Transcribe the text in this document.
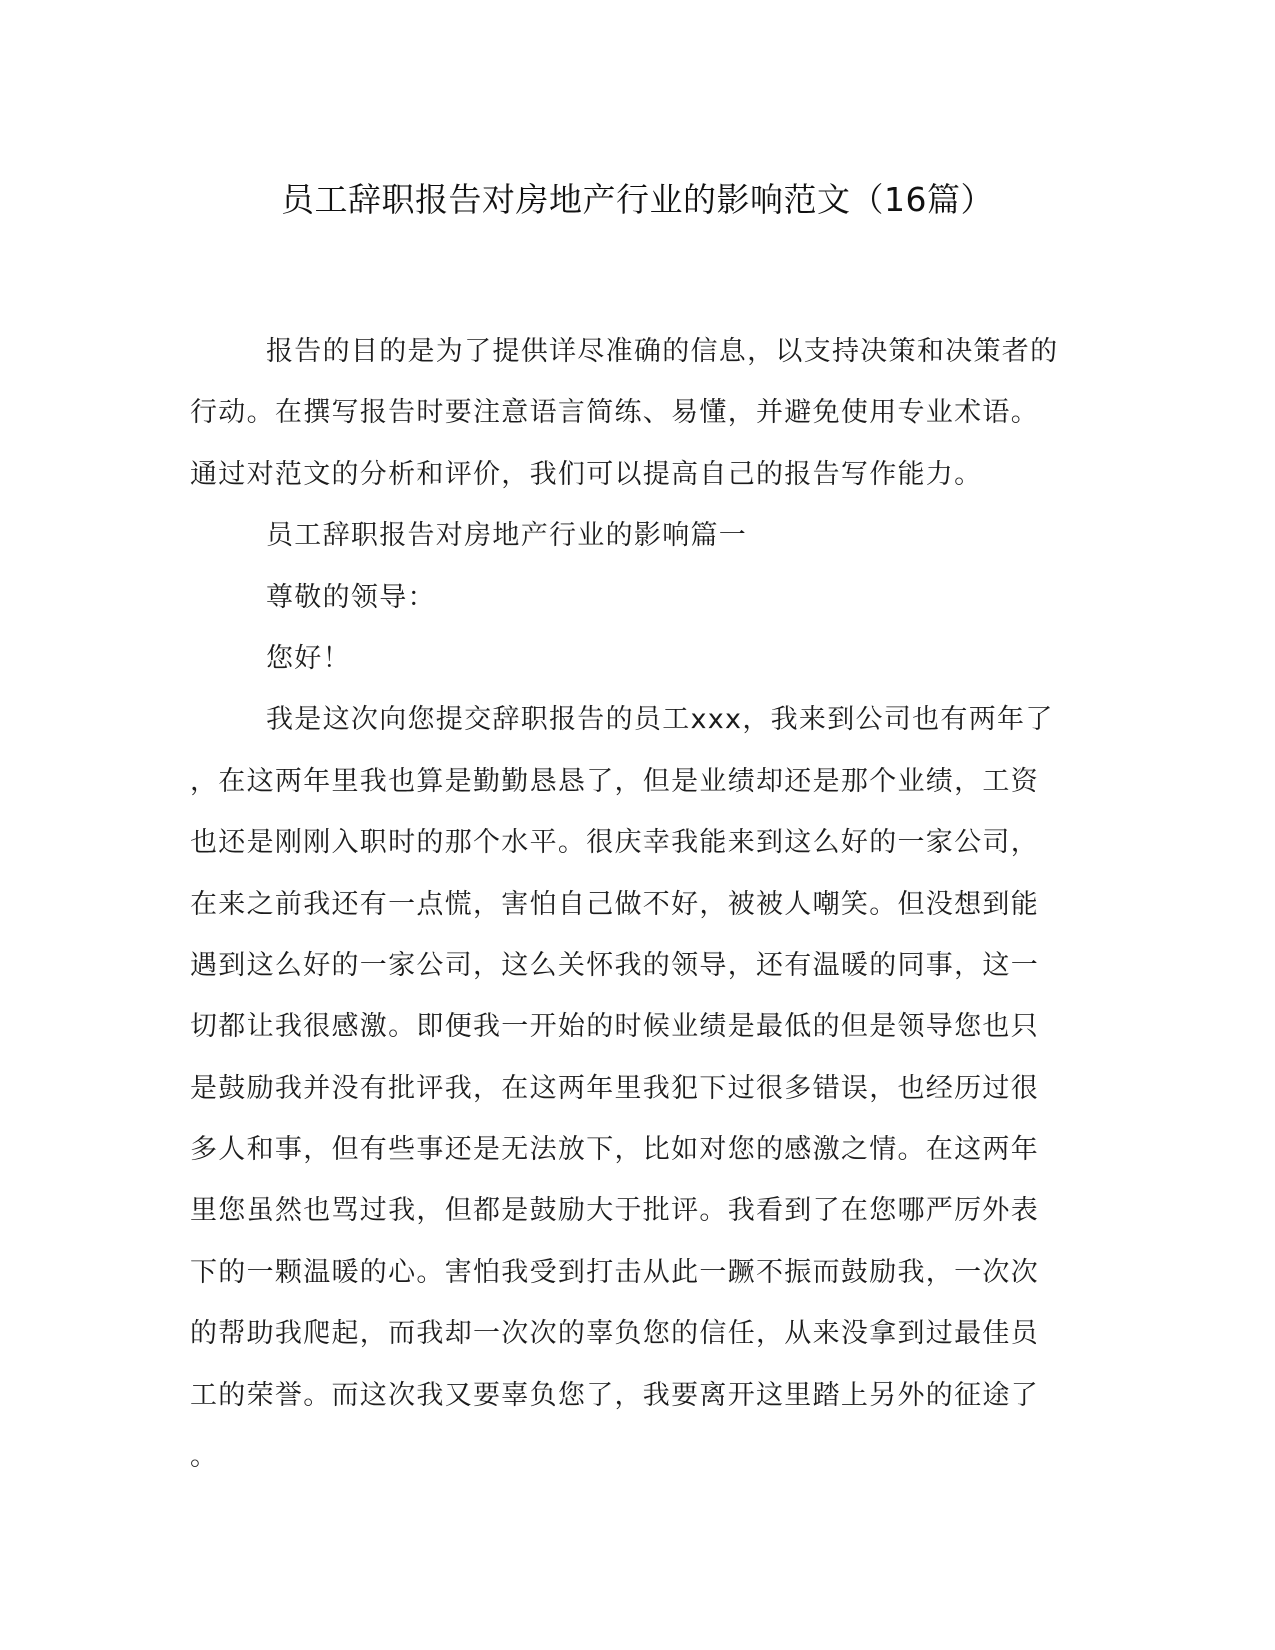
员工辞职报告对房地产行业的影响范文（16篇）
报告的目的是为了提供详尽准确的信息，以支持决策和决策者的
行动。在撰写报告时要注意语言简练、易懂，并避免使用专业术语。
通过对范文的分析和评价，我们可以提高自己的报告写作能力。
员工辞职报告对房地产行业的影响篇一
尊敬的领导：
您好！
我是这次向您提交辞职报告的员工xxx，我来到公司也有两年了
，在这两年里我也算是勤勤恳恳了，但是业绩却还是那个业绩，工资
也还是刚刚入职时的那个水平。很庆幸我能来到这么好的一家公司，
在来之前我还有一点慌，害怕自己做不好，被被人嘲笑。但没想到能
遇到这么好的一家公司，这么关怀我的领导，还有温暖的同事，这一
切都让我很感激。即便我一开始的时候业绩是最低的但是领导您也只
是鼓励我并没有批评我，在这两年里我犯下过很多错误，也经历过很
多人和事，但有些事还是无法放下，比如对您的感激之情。在这两年
里您虽然也骂过我，但都是鼓励大于批评。我看到了在您哪严厉外表
下的一颗温暖的心。害怕我受到打击从此一蹶不振而鼓励我，一次次
的帮助我爬起，而我却一次次的辜负您的信任，从来没拿到过最佳员
工的荣誉。而这次我又要辜负您了，我要离开这里踏上另外的征途了
。
